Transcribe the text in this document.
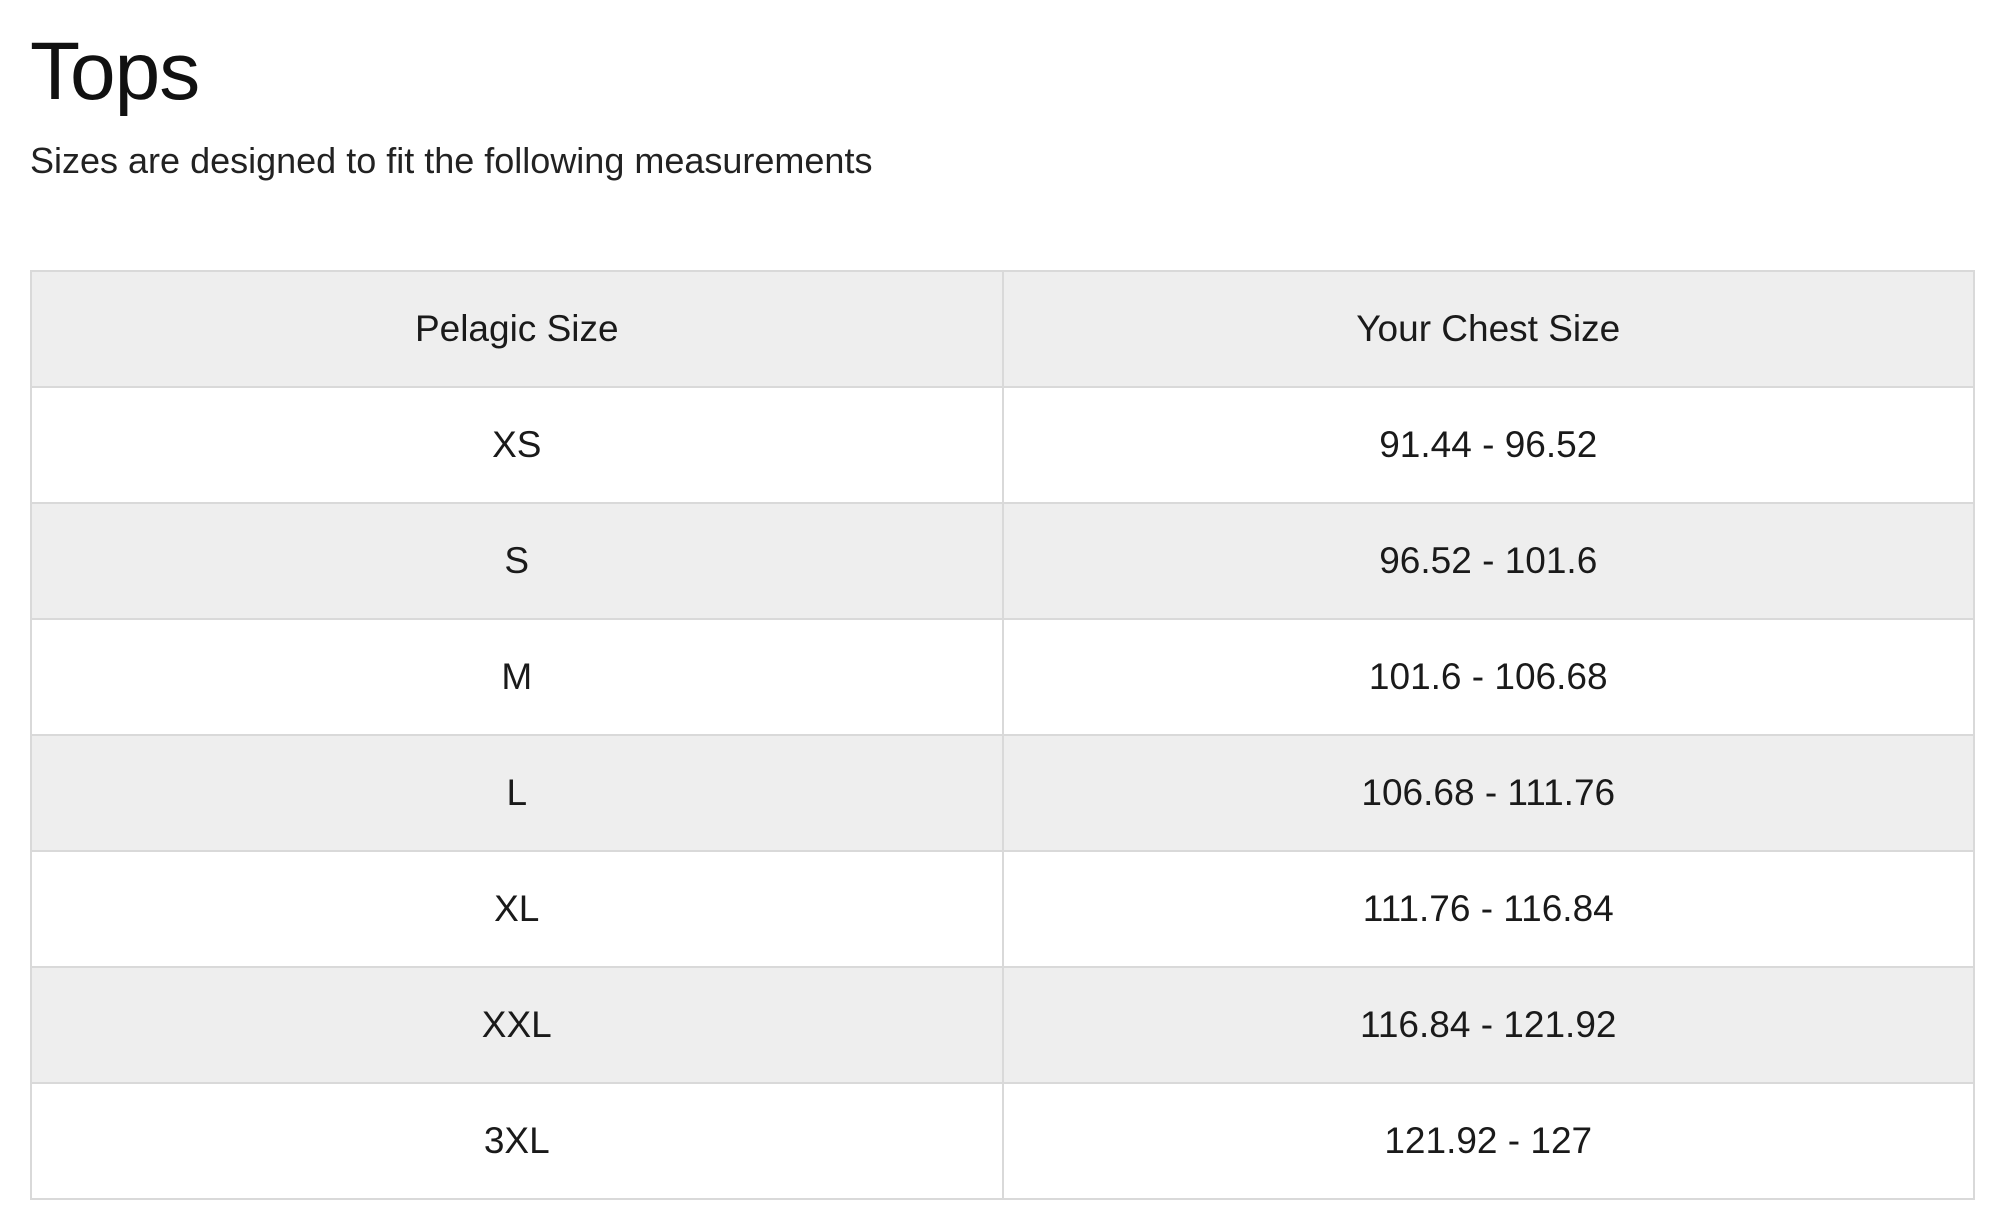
Tops

Sizes are designed to fit the following measurements

Pelagic Size	Your Chest Size
XS	91.44 - 96.52
S	96.52 - 101.6
M	101.6 - 106.68
L	106.68 - 111.76
XL	111.76 - 116.84
XXL	116.84 - 121.92
3XL	121.92 - 127
